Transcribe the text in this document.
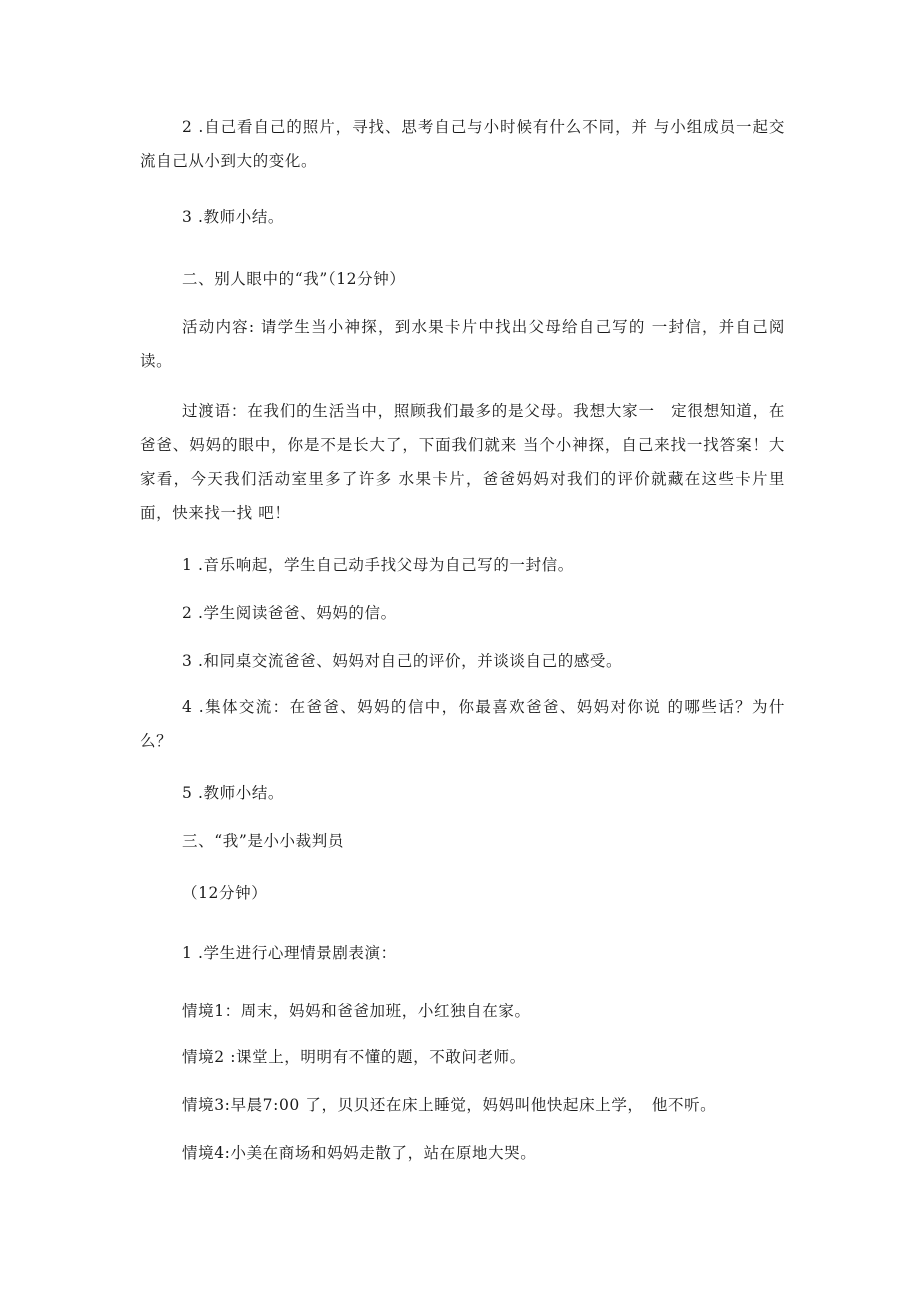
2 .自己看自己的照片，寻找、思考自己与小时候有什么不同，并 与小组成员一起交流自己从小到大的变化。

3 .教师小结。

二、别人眼中的“我”（12分钟）

活动内容: 请学生当小神探，到水果卡片中找出父母给自己写的 一封信，并自己阅读。

过渡语：在我们的生活当中，照顾我们最多的是父母。我想大家一　定很想知道，在爸爸、妈妈的眼中，你是不是长大了，下面我们就来 当个小神探，自己来找一找答案！大家看，今天我们活动室里多了许多 水果卡片，爸爸妈妈对我们的评价就藏在这些卡片里面，快来找一找 吧！

1 .音乐响起，学生自己动手找父母为自己写的一封信。

2 .学生阅读爸爸、妈妈的信。

3 .和同桌交流爸爸、妈妈对自己的评价，并谈谈自己的感受。

4 .集体交流：在爸爸、妈妈的信中，你最喜欢爸爸、妈妈对你说 的哪些话？为什么？

5 .教师小结。

三、“我”是小小裁判员

（12分钟）

1 .学生进行心理情景剧表演：

情境1：周末，妈妈和爸爸加班，小红独自在家。

情境2 :课堂上，明明有不懂的题，不敢问老师。

情境3:早晨7:00 了，贝贝还在床上睡觉，妈妈叫他快起床上学，　他不听。

情境4:小美在商场和妈妈走散了，站在原地大哭。
